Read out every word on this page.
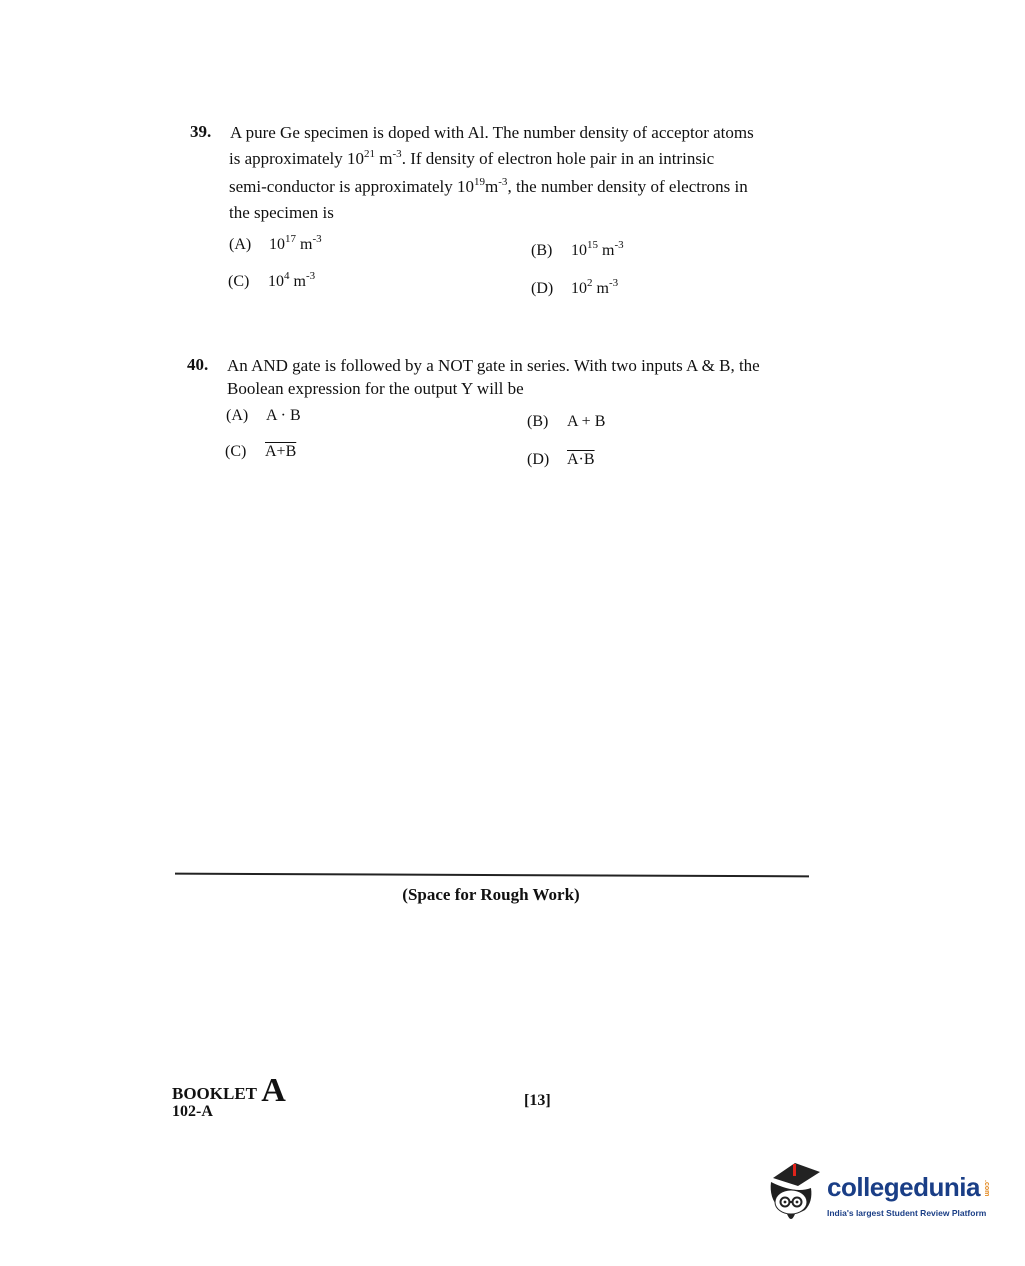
39. A pure Ge specimen is doped with Al. The number density of acceptor atoms
is approximately $10^{21}$ $m^{-3}$. If density of electron hole pair in an intrinsic
semi-conductor is approximately $10^{19}m^{-3}$, the number density of electrons in
the specimen is
(A) $10^{17}$ $m^{-3}$
(B) $10^{15}$ $m^{-3}$
(C) $10^4$ $m^{-3}$
(D) $10^2$ $m^{-3}$
40. An AND gate is followed by a NOT gate in series. With two inputs A & B, the
Boolean expression for the output Y will be
(A) A · B	(B) A + B
(C) A+B	(D) A·B
(Space for Rough Work)
BOOKLET A
102-A
[13]
collegedunia .com
India's largest Student Review Platform
